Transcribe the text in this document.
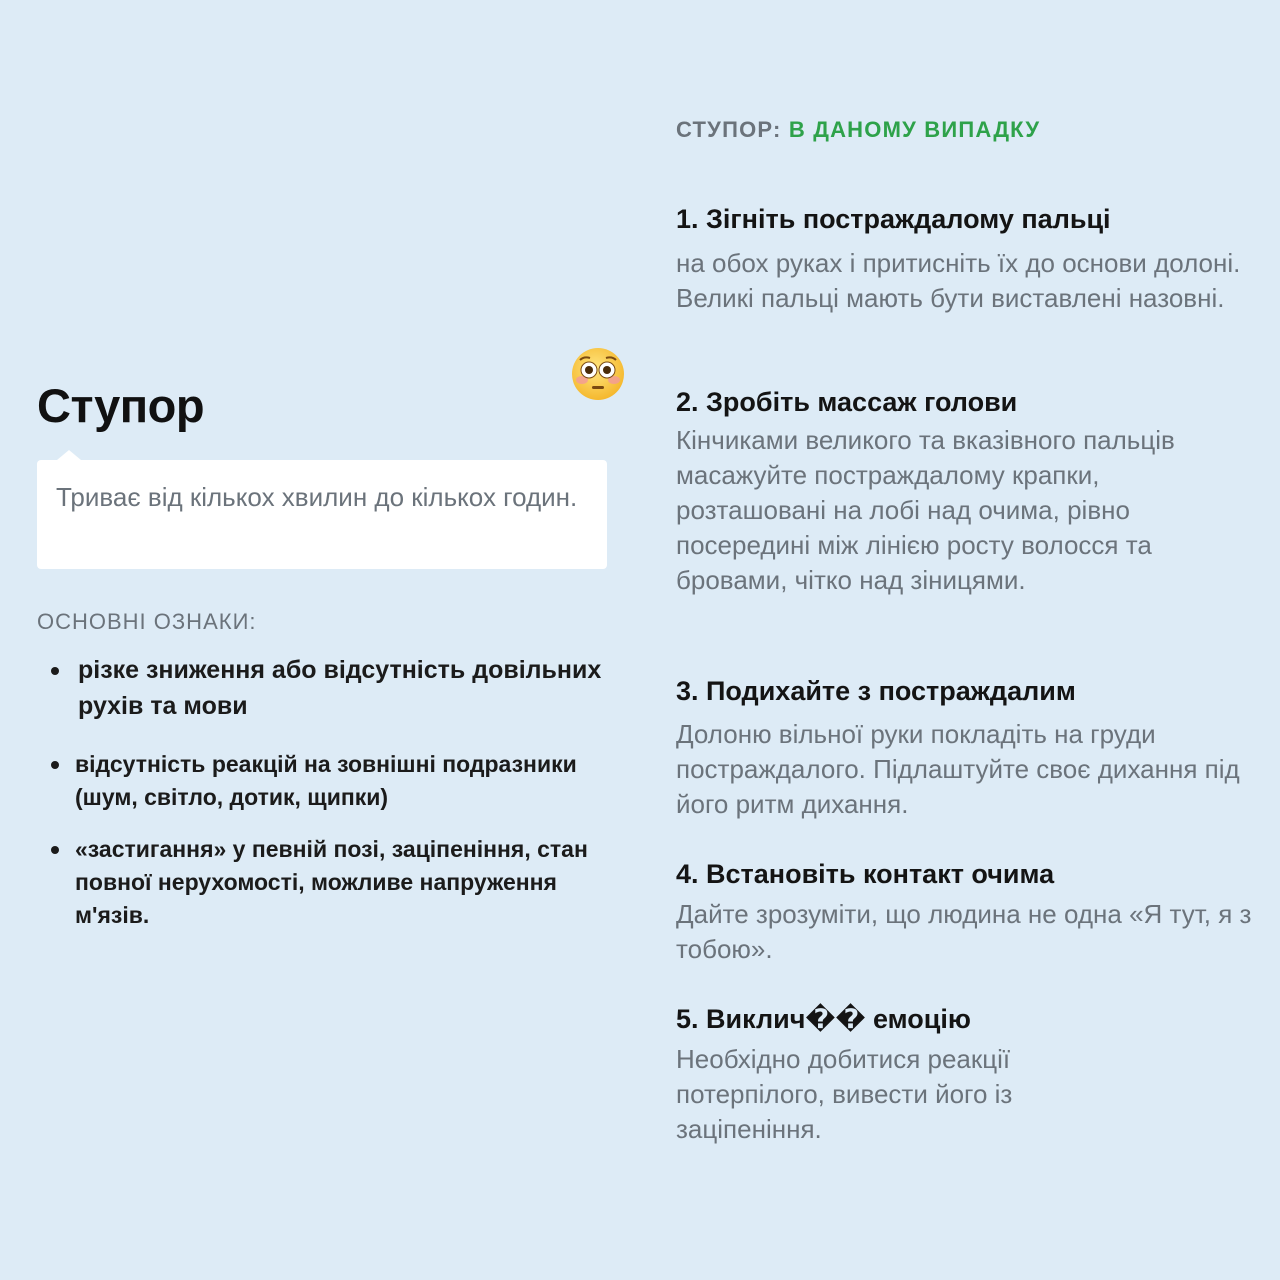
Ступор
Триває від кількох хвилин до кількох годин.
ОСНОВНІ ОЗНАКИ:
різке зниження або відсутність довільних рухів та мови
відсутність реакцій на зовнішні подразники (шум, світло, дотик, щипки)
«застигання» у певній позі, заціпеніння, стан повної нерухомості, можливе напруження м'язів.
СТУПОР: В ДАНОМУ ВИПАДКУ
1. Зігніть постраждалому пальці

на обох руках і притисніть їх до основи долоні. Великі пальці мають бути виставлені назовні.

2. Зробіть массаж голови

Кінчиками великого та вказівного пальців масажуйте постраждалому крапки, розташовані на лобі над очима, рівно посередині між лінією росту волосся та бровами, чітко над зіницями.

3. Подихайте з постраждалим

Долоню вільної руки покладіть на груди постраждалого. Підлаштуйте своє дихання під його ритм дихання.

4. Встановіть контакт очима

Дайте зрозуміти, що людина не одна «Я тут, я з тобою».

5. Виклич�� емоцію

Необхідно добитися реакції потерпілого, вивести його із заціпеніння.
